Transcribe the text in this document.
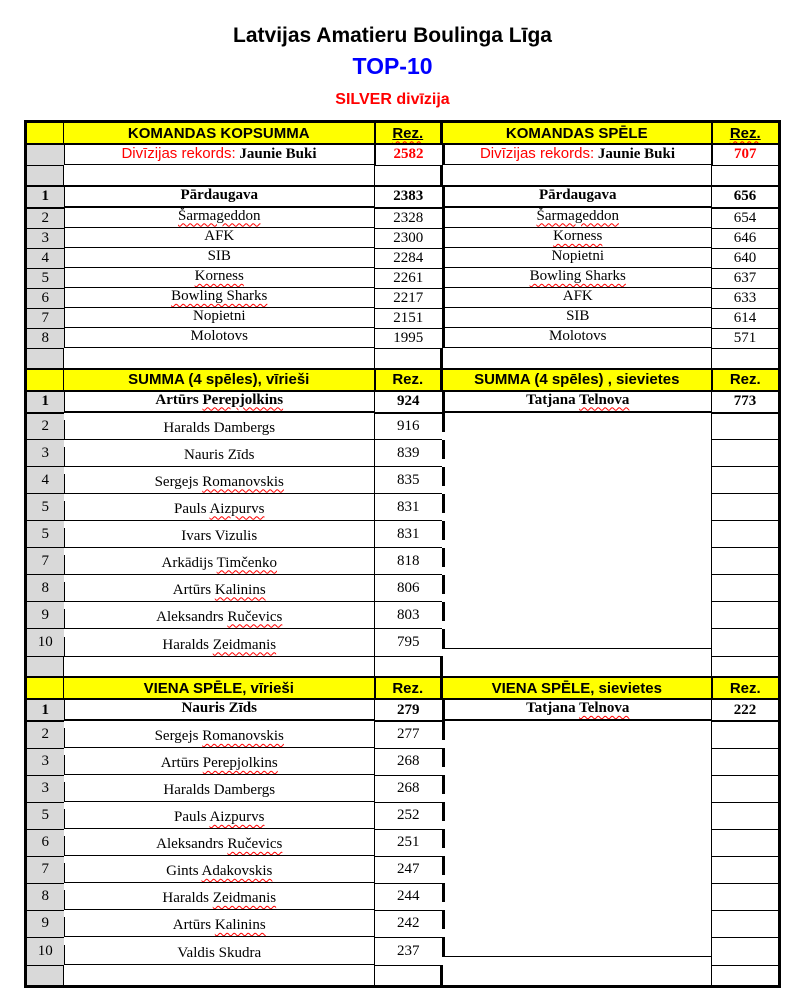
Latvijas Amatieru Boulinga Līga
TOP-10
SILVER divīzija
	KOMANDAS KOPSUMMA	Rez.	KOMANDAS SPĒLE	Rez.

Divīzijas rekords: Jaunie Buki	2582		Divīzijas rekords: Jaunie Buki	707

1		Pārdaugava	2383		Pārdaugava	656
2		Šarmageddon	2328		Šarmageddon	654
3		AFK	2300		Korness	646
4		SIB	2284		Nopietni	640
5		Korness	2261		Bowling Sharks	637
6		Bowling Sharks	2217		AFK	633
7		Nopietni	2151		SIB	614
8		Molotovs	1995		Molotovs	571

	SUMMA (4 spēles), vīrieši	Rez.	SUMMA (4 spēles) , sievietes	Rez.
1		Artūrs Perepjolkins	924		Tatjana Telnova	773
2		Haralds Dambergs	916	

3		Nauris Zīds	839	

4		Sergejs Romanovskis	835	

5		Pauls Aizpurvs	831	

5		Ivars Vizulis	831	

7		Arkādijs Timčenko	818	

8		Artūrs Kalinins	806	

9		Aleksandrs Ručevics	803	

10		Haralds Zeidmanis	795	

	VIENA SPĒLE, vīrieši	Rez.	VIENA SPĒLE, sievietes	Rez.
1		Nauris Zīds	279		Tatjana Telnova	222
2		Sergejs Romanovskis	277	

3		Artūrs Perepjolkins	268	

3		Haralds Dambergs	268	

5		Pauls Aizpurvs	252	

6		Aleksandrs Ručevics	251	

7		Gints Adakovskis	247	

8		Haralds Zeidmanis	244	

9		Artūrs Kalinins	242	

10		Valdis Skudra	237	
